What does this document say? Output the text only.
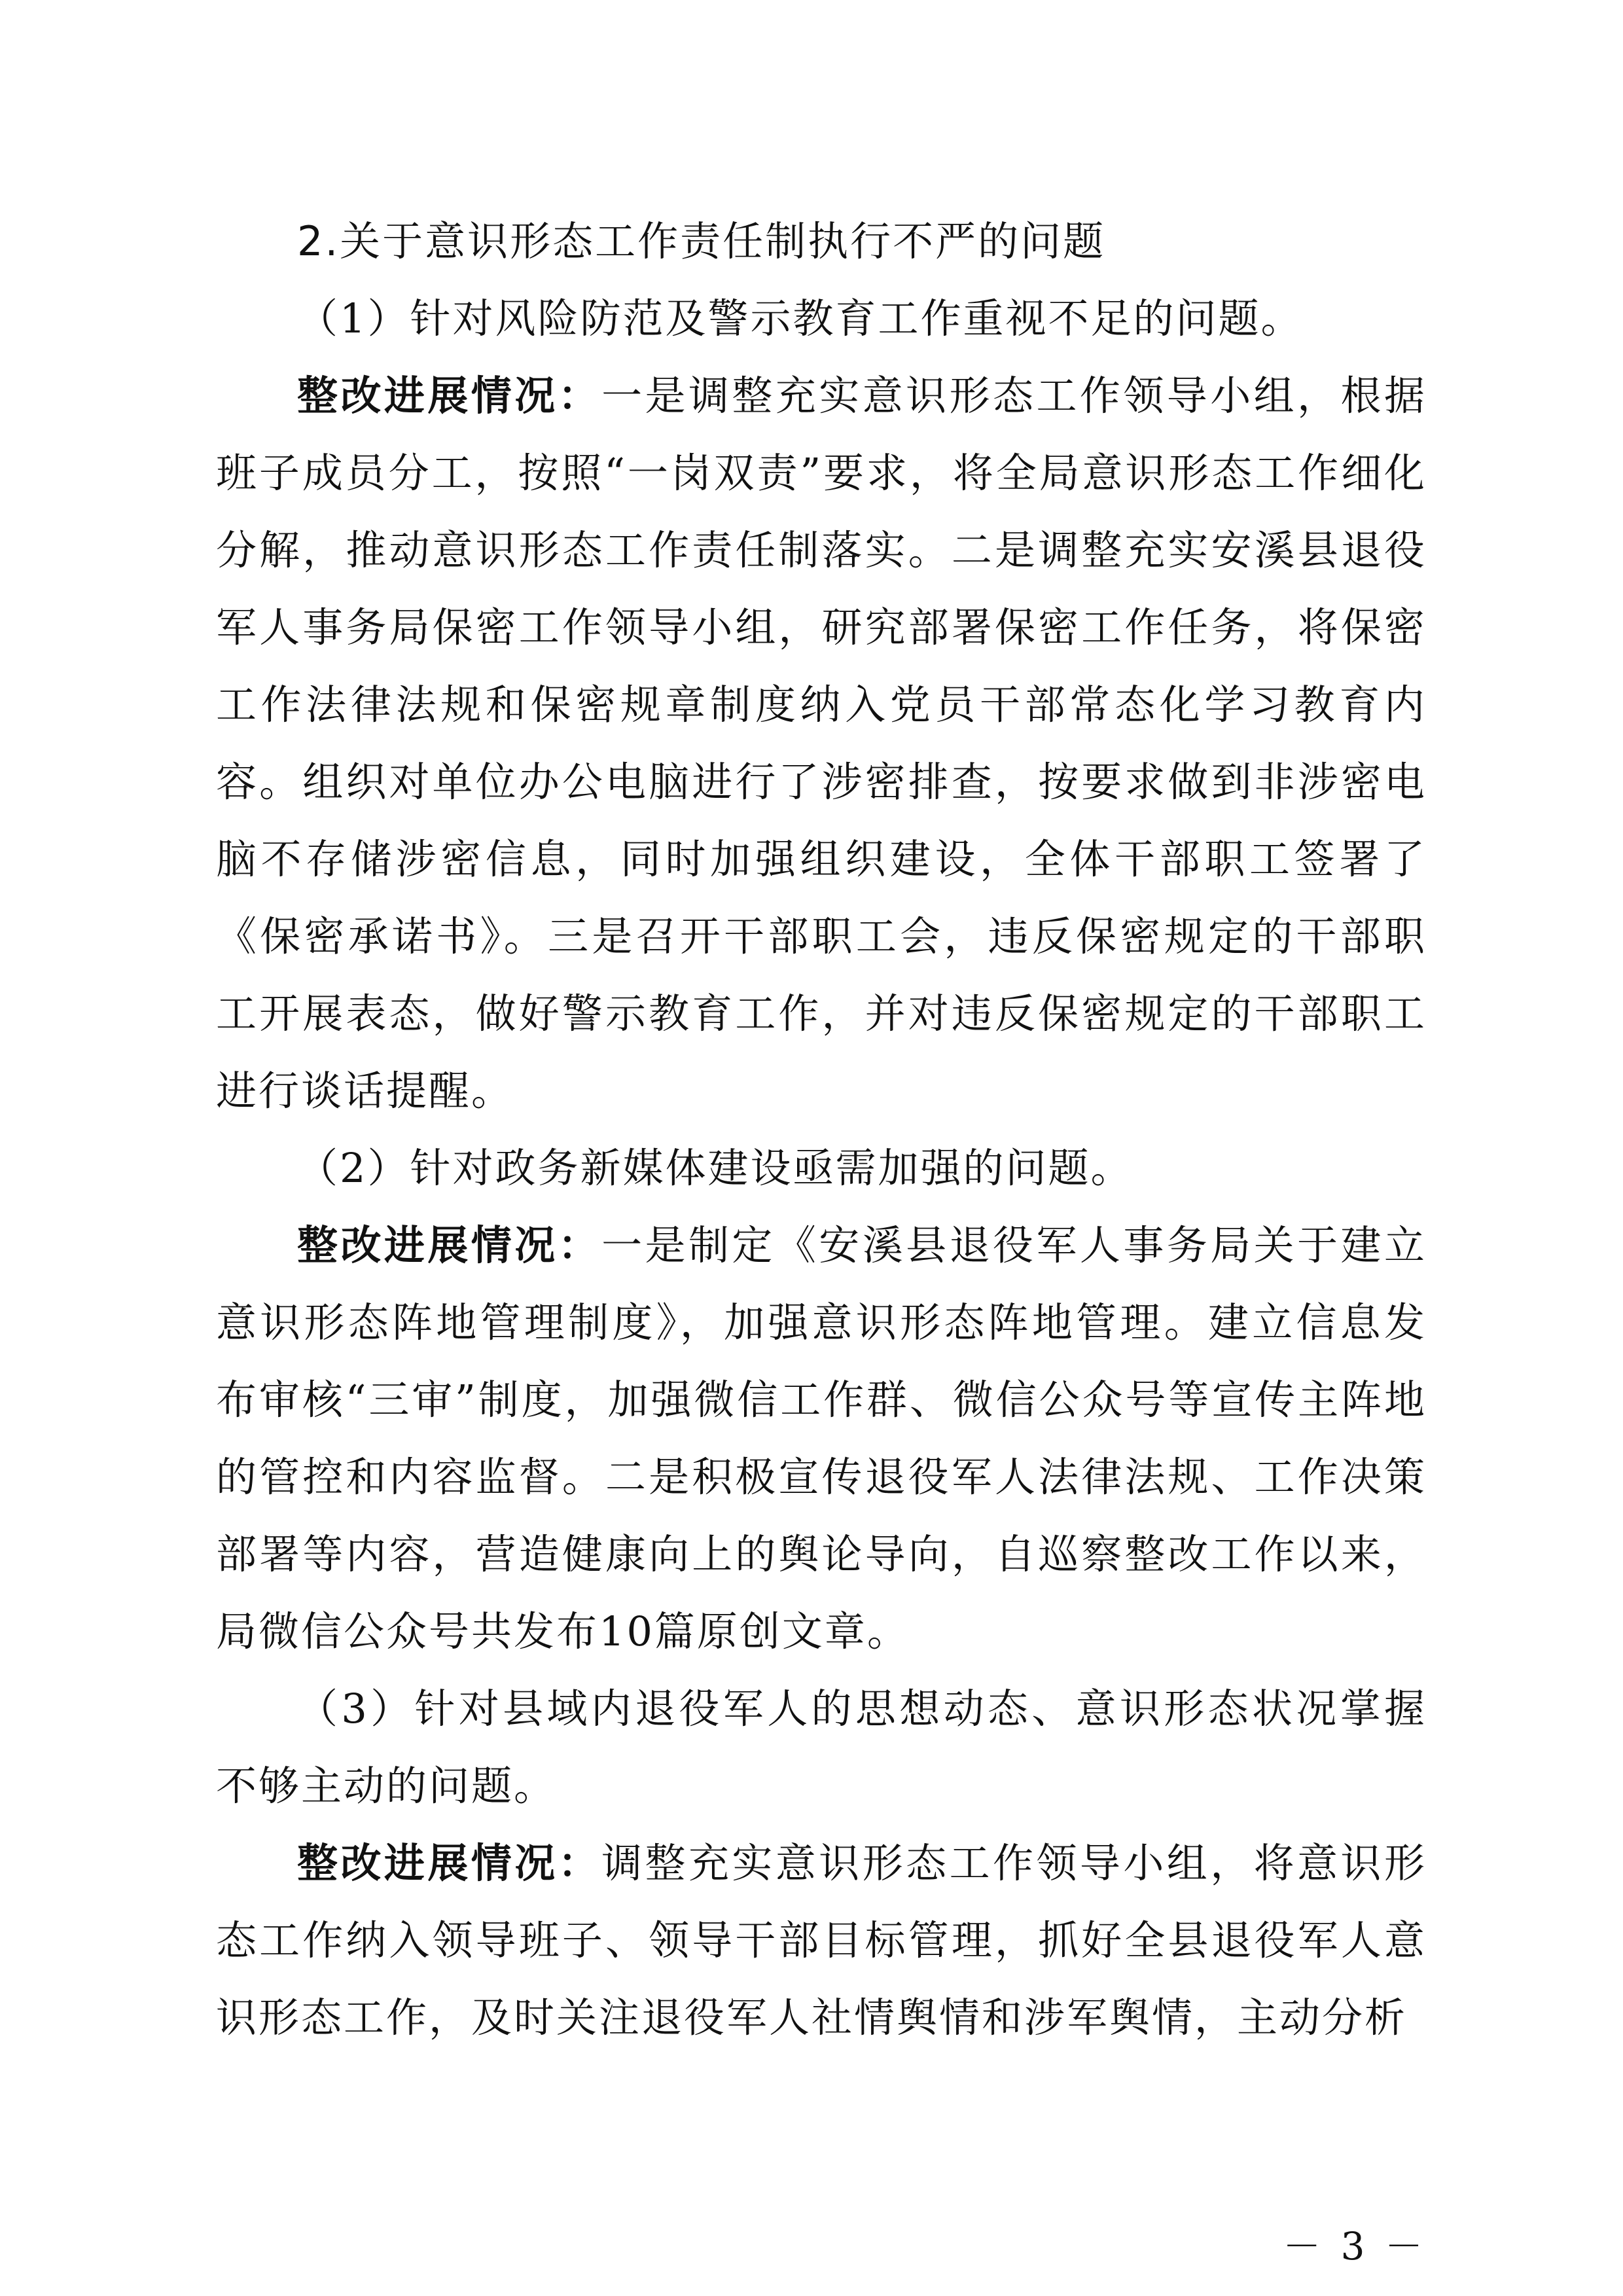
2.关于意识形态工作责任制执行不严的问题

（1）针对风险防范及警示教育工作重视不足的问题。

整改进展情况：一是调整充实意识形态工作领导小组，根据班子成员分工，按照“一岗双责”要求，将全局意识形态工作细化分解，推动意识形态工作责任制落实。二是调整充实安溪县退役军人事务局保密工作领导小组，研究部署保密工作任务，将保密工作法律法规和保密规章制度纳入党员干部常态化学习教育内容。组织对单位办公电脑进行了涉密排查，按要求做到非涉密电脑不存储涉密信息，同时加强组织建设，全体干部职工签署了《保密承诺书》。三是召开干部职工会，违反保密规定的干部职工开展表态，做好警示教育工作，并对违反保密规定的干部职工进行谈话提醒。

（2）针对政务新媒体建设亟需加强的问题。

整改进展情况：一是制定《安溪县退役军人事务局关于建立意识形态阵地管理制度》，加强意识形态阵地管理。建立信息发布审核“三审”制度，加强微信工作群、微信公众号等宣传主阵地的管控和内容监督。二是积极宣传退役军人法律法规、工作决策部署等内容，营造健康向上的舆论导向，自巡察整改工作以来，局微信公众号共发布10篇原创文章。

（3）针对县域内退役军人的思想动态、意识形态状况掌握不够主动的问题。

整改进展情况：调整充实意识形态工作领导小组，将意识形态工作纳入领导班子、领导干部目标管理，抓好全县退役军人意识形态工作，及时关注退役军人社情舆情和涉军舆情，主动分析

－ 3 －
